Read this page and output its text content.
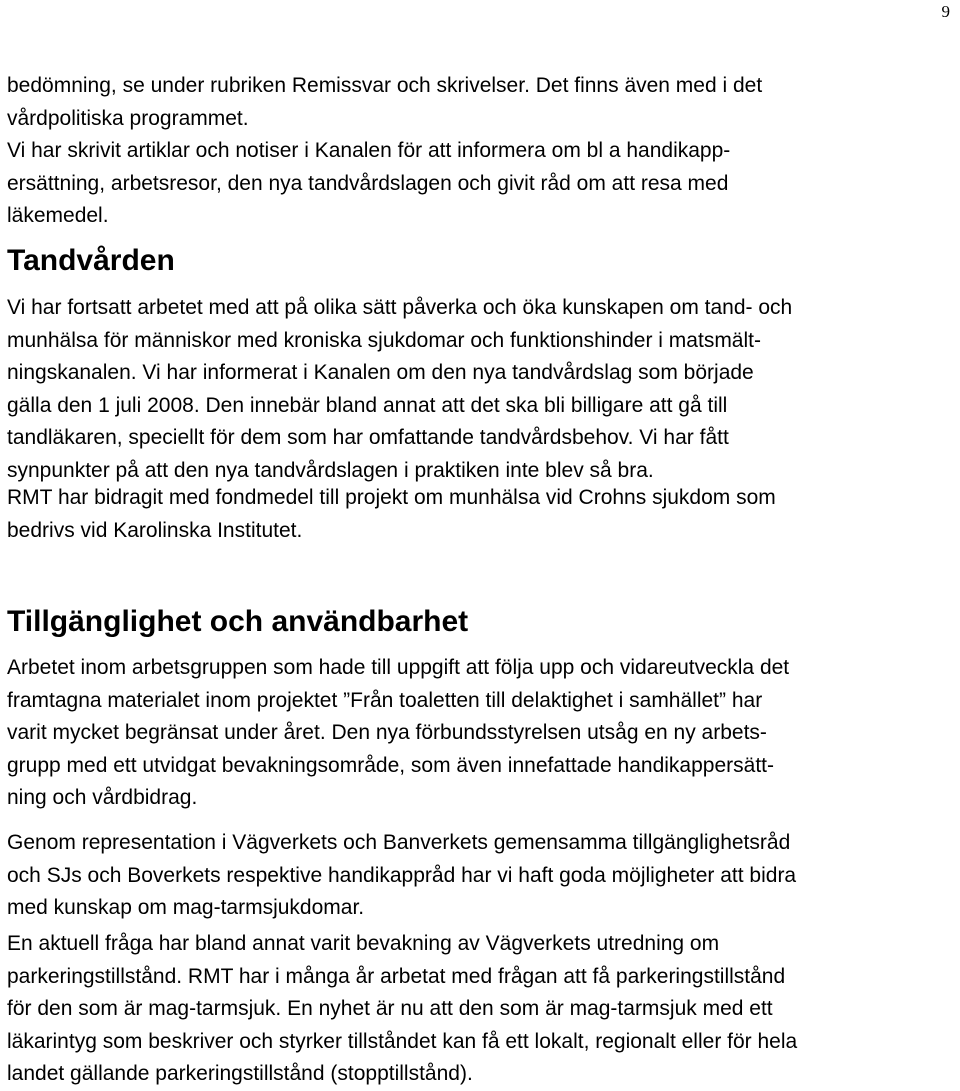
9
bedömning, se under rubriken Remissvar och skrivelser. Det finns även med i det
vårdpolitiska programmet.
Vi har skrivit artiklar och notiser i Kanalen för att informera om bl a handikapp-
ersättning, arbetsresor, den nya tandvårdslagen och givit råd om att resa med
läkemedel.
Tandvården
Vi har fortsatt arbetet med att på olika sätt påverka och öka kunskapen om tand- och
munhälsa för människor med kroniska sjukdomar och funktionshinder i matsmält-
ningskanalen. Vi har informerat i Kanalen om den nya tandvårdslag som började
gälla den 1 juli 2008. Den innebär bland annat att det ska bli billigare att gå till
tandläkaren, speciellt för dem som har omfattande tandvårdsbehov. Vi har fått
synpunkter på att den nya tandvårdslagen i praktiken inte blev så bra.
RMT har bidragit med fondmedel till projekt om munhälsa vid Crohns sjukdom som
bedrivs vid Karolinska Institutet.
Tillgänglighet och användbarhet
Arbetet inom arbetsgruppen som hade till uppgift att följa upp och vidareutveckla det
framtagna materialet inom projektet ”Från toaletten till delaktighet i samhället” har
varit mycket begränsat under året. Den nya förbundsstyrelsen utsåg en ny arbets-
grupp med ett utvidgat bevakningsområde, som även innefattade handikappersätt-
ning och vårdbidrag.
Genom representation i Vägverkets och Banverkets gemensamma tillgänglighetsråd
och SJs och Boverkets respektive handikappråd har vi haft goda möjligheter att bidra
med kunskap om mag-tarmsjukdomar.
En aktuell fråga har bland annat varit bevakning av Vägverkets utredning om
parkeringstillstånd. RMT har i många år arbetat med frågan att få parkeringstillstånd
för den som är mag-tarmsjuk. En nyhet är nu att den som är mag-tarmsjuk med ett
läkarintyg som beskriver och styrker tillståndet kan få ett lokalt, regionalt eller för hela
landet gällande parkeringstillstånd (stopptillstånd).
